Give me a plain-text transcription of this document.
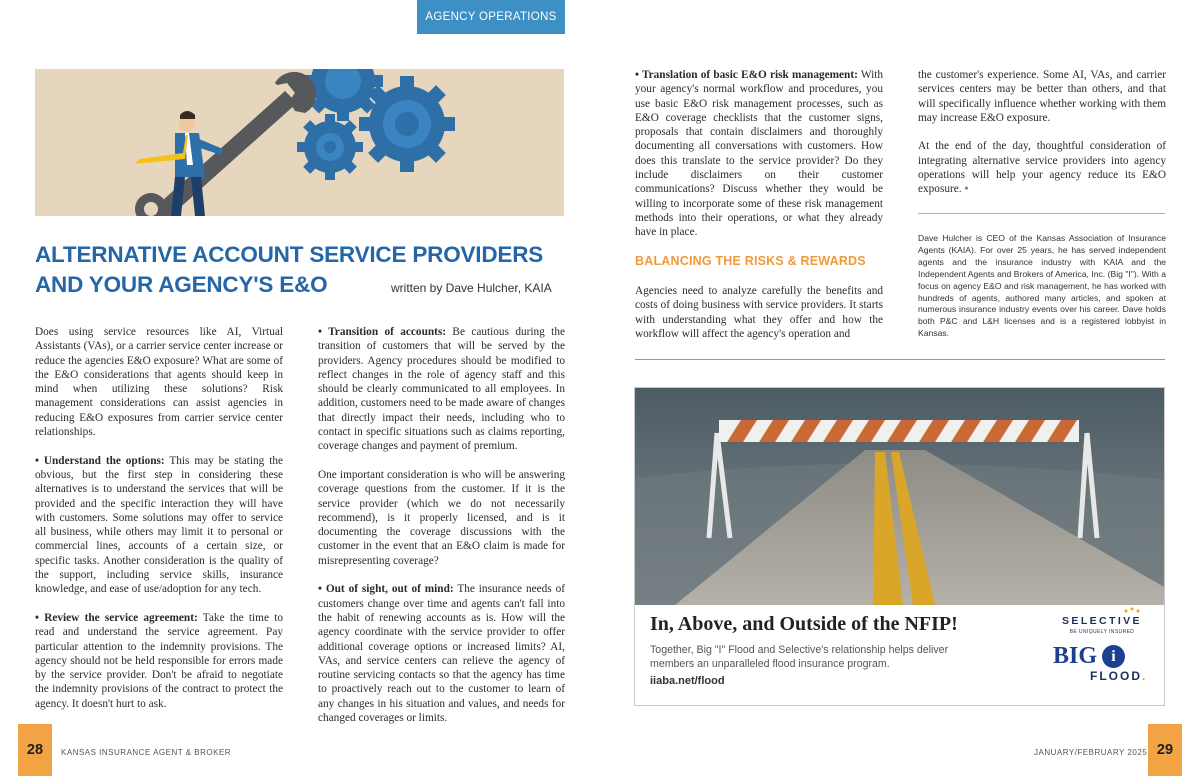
AGENCY OPERATIONS
ALTERNATIVE ACCOUNT SERVICE PROVIDERS
AND YOUR AGENCY'S E&O	written by Dave Hulcher, KAIA

Does using service resources like AI, Virtual Assistants (VAs), or a carrier service center increase or reduce the agencies E&O exposure? What are some of the E&O considerations that agents should keep in mind when utilizing these solutions? Risk management considerations can assist agencies in reducing E&O exposures from carrier service center relationships.

• Understand the options: This may be stating the obvious, but the first step in considering these alternatives is to understand the services that will be provided and the specific interaction they will have with customers. Some solutions may offer to service all business, while others may limit it to personal or commercial lines, accounts of a certain size, or specific tasks. Another consideration is the quality of the support, including service skills, insurance knowledge, and ease of use/adoption for any tech.

• Review the service agreement: Take the time to read and understand the service agreement. Pay particular attention to the indemnity provisions. The agency should not be held responsible for errors made by the service provider. Don't be afraid to negotiate the indemnity provisions of the contract to protect the agency. It doesn't hurt to ask.

• Transition of accounts: Be cautious during the transition of customers that will be served by the providers. Agency procedures should be modified to reflect changes in the role of agency staff and this should be clearly communicated to all employees. In addition, customers need to be made aware of changes that directly impact their needs, including who to contact in specific situations such as claims reporting, coverage changes and payment of premium.

One important consideration is who will be answering coverage questions from the customer. If it is the service provider (which we do not necessarily recommend), is it properly licensed, and is it documenting the coverage discussions with the customer in the event that an E&O claim is made for misrepresenting coverage?

• Out of sight, out of mind: The insurance needs of customers change over time and agents can't fall into the habit of renewing accounts as is. How will the agency coordinate with the service provider to offer additional coverage options or increased limits? AI, VAs, and service centers can relieve the agency of routine servicing contacts so that the agency has time to proactively reach out to the customer to learn of any changes in his situation and values, and needs for changed coverages or limits.

• Translation of basic E&O risk management: With your agency's normal workflow and procedures, you use basic E&O risk management processes, such as E&O coverage checklists that the customer signs, proposals that contain disclaimers and thoroughly documenting all conversations with customers. How does this translate to the service provider? Do they include disclaimers on their customer communications? Discuss whether they would be willing to incorporate some of these risk management methods into their operations, or what they already have in place.

BALANCING THE RISKS & REWARDS

Agencies need to analyze carefully the benefits and costs of doing business with service providers. It starts with understanding what they offer and how the workflow will affect the agency's operation and

the customer's experience. Some AI, VAs, and carrier services centers may be better than others, and that will specifically influence whether working with them may increase E&O exposure.

At the end of the day, thoughtful consideration of integrating alternative service providers into agency operations will help your agency reduce its E&O exposure. •

Dave Hulcher is CEO of the Kansas Association of Insurance Agents (KAIA). For over 25 years, he has served independent agents and the insurance industry with KAIA and the Independent Agents and Brokers of America, Inc. (Big "I"). With a focus on agency E&O and risk management, he has worked with hundreds of agents, authored many articles, and spoken at numerous insurance industry events over his career. Dave holds both P&C and L&H licenses and is a registered lobbyist in Kansas.
In, Above, and Outside of the NFIP!
Together, Big "I" Flood and Selective's relationship helps deliver members an unparalleled flood insurance program.
iiaba.net/flood
SELECTIVE
BE UNIQUELY INSURED
BIG i
FLOOD.
28	KANSAS INSURANCE AGENT & BROKER	JANUARY/FEBRUARY 2025 29
